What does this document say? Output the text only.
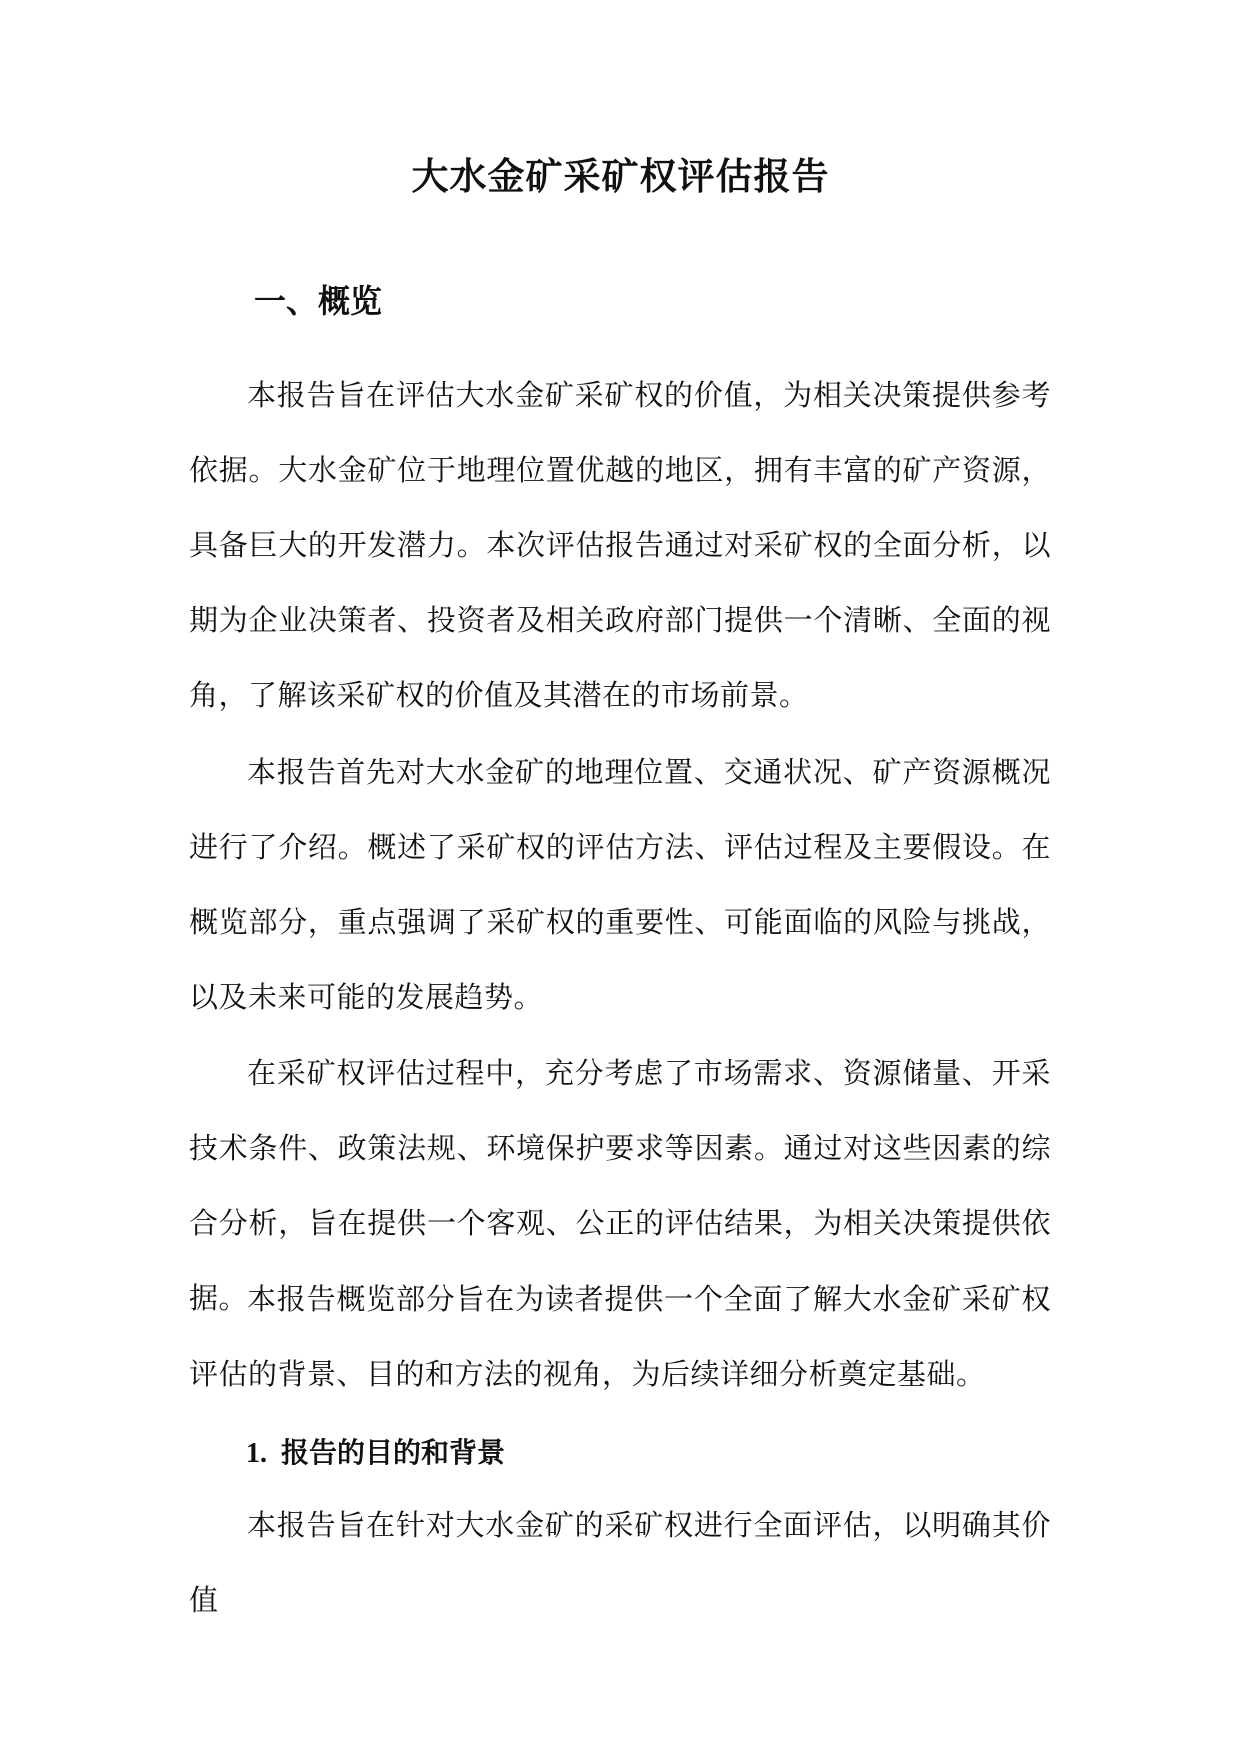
大水金矿采矿权评估报告
一、概览

本报告旨在评估大水金矿采矿权的价值，为相关决策提供参考依据。大水金矿位于地理位置优越的地区，拥有丰富的矿产资源，具备巨大的开发潜力。本次评估报告通过对采矿权的全面分析，以期为企业决策者、投资者及相关政府部门提供一个清晰、全面的视角，了解该采矿权的价值及其潜在的市场前景。

本报告首先对大水金矿的地理位置、交通状况、矿产资源概况进行了介绍。概述了采矿权的评估方法、评估过程及主要假设。在概览部分，重点强调了采矿权的重要性、可能面临的风险与挑战，以及未来可能的发展趋势。

在采矿权评估过程中，充分考虑了市场需求、资源储量、开采技术条件、政策法规、环境保护要求等因素。通过对这些因素的综合分析，旨在提供一个客观、公正的评估结果，为相关决策提供依据。

本报告概览部分旨在为读者提供一个全面了解大水金矿采矿权评估的背景、目的和方法的视角，为后续详细分析奠定基础。

1. 报告的目的和背景

本报告旨在针对大水金矿的采矿权进行全面评估，以明确其价值
